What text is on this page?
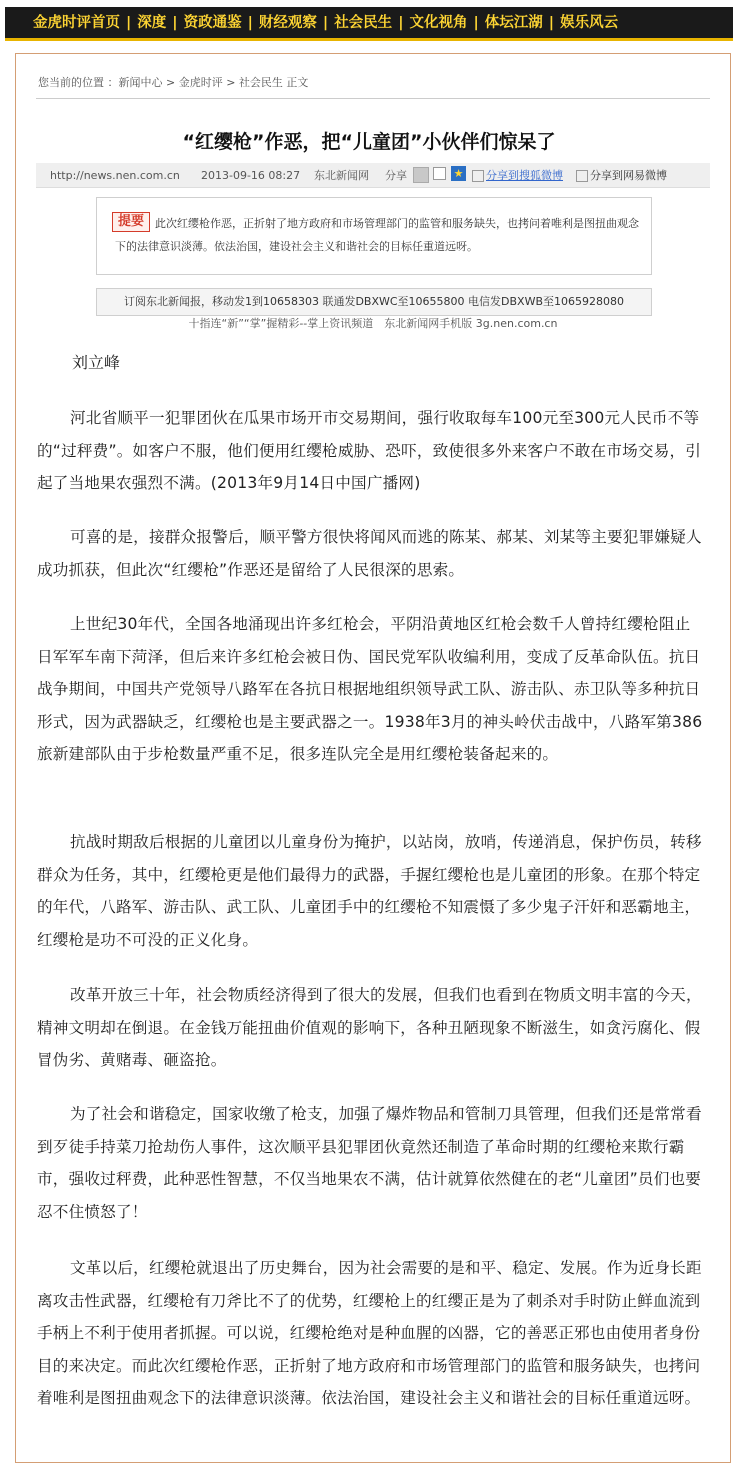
金虎时评首页 | 深度 | 资政通鉴 | 财经观察 | 社会民生 | 文化视角 | 体坛江湖 | 娱乐风云
您当前的位置 ：新闻中心 > 金虎时评 > 社会民生 正文
“红缨枪”作恶，把“儿童团”小伙伴们惊呆了
http://news.nen.com.cn 2013-09-16 08:27 东北新闻网 分享	★	分享到搜狐微博	分享到网易微博
提要	此次红缨枪作恶，正折射了地方政府和市场管理部门的监管和服务缺失，也拷问着唯利是图扭曲观念下的法律意识淡薄。依法治国，建设社会主义和谐社会的目标任重道远呀。
订阅东北新闻报，移动发1到10658303 联通发DBXWC至10655800 电信发DBXWB至1065928080
十指连“新”“掌”握精彩--掌上资讯频道　东北新闻网手机版 3g.nen.com.cn
刘立峰

河北省顺平一犯罪团伙在瓜果市场开市交易期间，强行收取每车100元至300元人民币不等的“过秤费”。如客户不服，他们便用红缨枪威胁、恐吓，致使很多外来客户不敢在市场交易，引起了当地果农强烈不满。(2013年9月14日中国广播网)

可喜的是，接群众报警后，顺平警方很快将闻风而逃的陈某、郝某、刘某等主要犯罪嫌疑人成功抓获，但此次“红缨枪”作恶还是留给了人民很深的思索。

上世纪30年代，全国各地涌现出许多红枪会，平阴沿黄地区红枪会数千人曾持红缨枪阻止日军军车南下菏泽，但后来许多红枪会被日伪、国民党军队收编利用，变成了反革命队伍。抗日战争期间，中国共产党领导八路军在各抗日根据地组织领导武工队、游击队、赤卫队等多种抗日形式，因为武器缺乏，红缨枪也是主要武器之一。1938年3月的神头岭伏击战中，八路军第386旅新建部队由于步枪数量严重不足，很多连队完全是用红缨枪装备起来的。

抗战时期敌后根据的儿童团以儿童身份为掩护，以站岗，放哨，传递消息，保护伤员，转移群众为任务，其中，红缨枪更是他们最得力的武器，手握红缨枪也是儿童团的形象。在那个特定的年代，八路军、游击队、武工队、儿童团手中的红缨枪不知震慑了多少鬼子汗奸和恶霸地主，红缨枪是功不可没的正义化身。

改革开放三十年，社会物质经济得到了很大的发展，但我们也看到在物质文明丰富的今天，精神文明却在倒退。在金钱万能扭曲价值观的影响下，各种丑陋现象不断滋生，如贪污腐化、假冒伪劣、黄赌毒、砸盗抢。

为了社会和谐稳定，国家收缴了枪支，加强了爆炸物品和管制刀具管理，但我们还是常常看到歹徒手持菜刀抢劫伤人事件，这次顺平县犯罪团伙竟然还制造了革命时期的红缨枪来欺行霸市，强收过秤费，此种恶性智慧，不仅当地果农不满，估计就算依然健在的老“儿童团”员们也要忍不住愤怒了！

文革以后，红缨枪就退出了历史舞台，因为社会需要的是和平、稳定、发展。作为近身长距离攻击性武器，红缨枪有刀斧比不了的优势，红缨枪上的红缨正是为了刺杀对手时防止鲜血流到手柄上不利于使用者抓握。可以说，红缨枪绝对是种血腥的凶器，它的善恶正邪也由使用者身份目的来决定。而此次红缨枪作恶，正折射了地方政府和市场管理部门的监管和服务缺失，也拷问着唯利是图扭曲观念下的法律意识淡薄。依法治国，建设社会主义和谐社会的目标任重道远呀。
